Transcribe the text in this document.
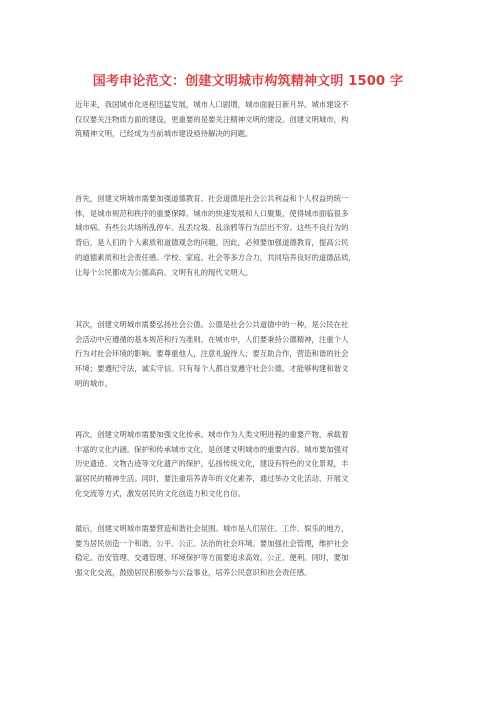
国考申论范文：创建文明城市构筑精神文明 1500 字
近年来，我国城市化进程迅猛发展，城市人口剧增，城市面貌日新月异。城市建设不
仅仅要关注物质方面的建设，更重要的是要关注精神文明的建设。创建文明城市，构
筑精神文明，已经成为当前城市建设亟待解决的问题。
首先，创建文明城市需要加强道德教育。社会道德是社会公共利益和个人权益的统一
体，是城市规范和秩序的重要保障。城市的快速发展和人口聚集，使得城市面临很多
城市病。有些公共场所乱停车、乱丢垃圾、乱涂鸦等行为层出不穷。这些不良行为的
背后，是人们的个人素质和道德观念的问题。因此，必须要加强道德教育，提高公民
的道德素质和社会责任感。学校、家庭、社会等多方合力，共同培养良好的道德品质，
让每个公民都成为公德高尚、文明有礼的现代文明人。
其次，创建文明城市需要弘扬社会公德。公德是社会公共道德中的一种，是公民在社
会活动中应遵循的基本规范和行为准则。在城市中，人们要秉持公德精神，注重个人
行为对社会环境的影响。要尊重他人，注意礼貌待人；要互助合作，营造和谐的社会
环境；要遵纪守法，诚实守信。只有每个人都自觉遵守社会公德，才能够构建和谐文
明的城市。
再次，创建文明城市需要加强文化传承。城市作为人类文明进程的重要产物，承载着
丰富的文化内涵。保护和传承城市文化，是创建文明城市的重要内容。城市要加强对
历史遗迹、文物古迹等文化遗产的保护，弘扬传统文化，建设有特色的文化景观，丰
富居民的精神生活。同时，要注重培养青年的文化素养，通过举办文化活动、开展文
化交流等方式，激发居民的文化创造力和文化自信。
最后，创建文明城市需要营造和谐社会氛围。城市是人们居住、工作、娱乐的地方，
要为居民创造一个和谐、公平、公正、法治的社会环境。要加强社会管理，维护社会
稳定。治安管理、交通管理、环境保护等方面要追求高效、公正、便利。同时，要加
强文化交流，鼓励居民积极参与公益事业，培养公民意识和社会责任感。
